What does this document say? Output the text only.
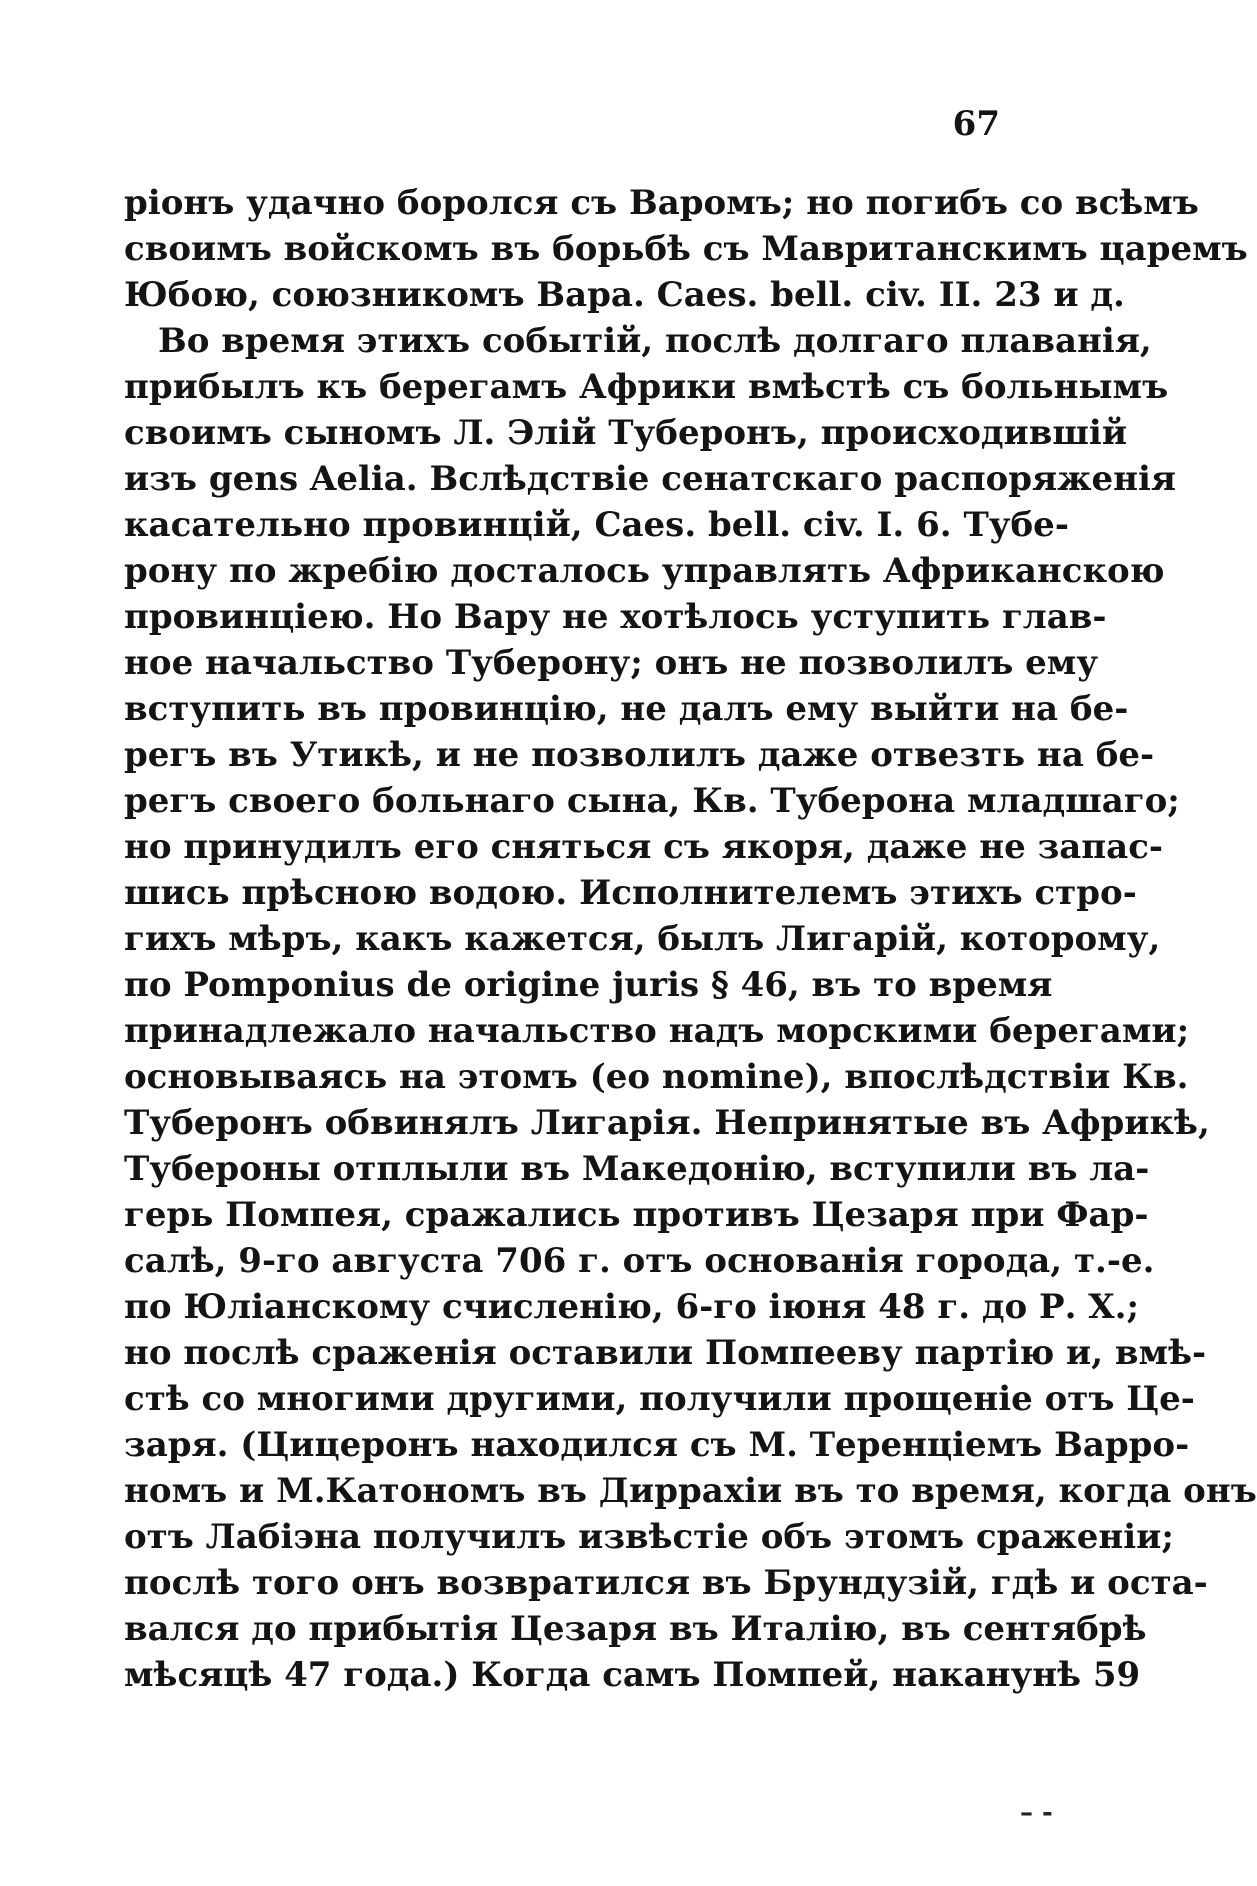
67
ріонъ удачно боролся съ Варомъ; но погибъ со всѣмъ
своимъ войскомъ въ борьбѣ съ Мавританскимъ царемъ
Юбою, союзникомъ Вара. Caes. bell. civ. II. 23 и д.
Во время этихъ событій, послѣ долгаго плаванія,
прибылъ къ берегамъ Африки вмѣстѣ съ больнымъ
своимъ сыномъ Л. Элій Туберонъ, происходившій
изъ gens Aelia. Вслѣдствіе сенатскаго распоряженія
касательно провинцій, Caes. bell. civ. I. 6. Тубе-
рону по жребію досталось управлять Африканскою
провинціею. Но Вару не хотѣлось уступить глав-
ное начальство Туберону; онъ не позволилъ ему
вступить въ провинцію, не далъ ему выйти на бе-
регъ въ Утикѣ, и не позволилъ даже отвезть на бе-
регъ своего больнаго сына, Кв. Туберона младшаго;
но принудилъ его сняться съ якоря, даже не запас-
шись прѣсною водою. Исполнителемъ этихъ стро-
гихъ мѣръ, какъ кажется, былъ Лигарій, которому,
по Pomponius de origine juris § 46, въ то время
принадлежало начальство надъ морскими берегами;
основываясь на этомъ (eo nomine), впослѣдствіи Кв.
Туберонъ обвинялъ Лигарія. Непринятые въ Африкѣ,
Тубероны отплыли въ Македонію, вступили въ ла-
герь Помпея, сражались противъ Цезаря при Фар-
салѣ, 9-го августа 706 г. отъ основанія города, т.-е.
по Юліанскому счисленію, 6-го іюня 48 г. до Р. Х.;
но послѣ сраженія оставили Помпееву партію и, вмѣ-
стѣ со многими другими, получили прощеніе отъ Це-
заря. (Цицеронъ находился съ М. Теренціемъ Варро-
номъ и М.Катономъ въ Диррахіи въ то время, когда онъ
отъ Лабіэна получилъ извѣстіе объ этомъ сраженіи;
послѣ того онъ возвратился въ Брундузій, гдѣ и оста-
вался до прибытія Цезаря въ Италію, въ сентябрѣ
мѣсяцѣ 47 года.) Когда самъ Помпей, наканунѣ 59
– -
